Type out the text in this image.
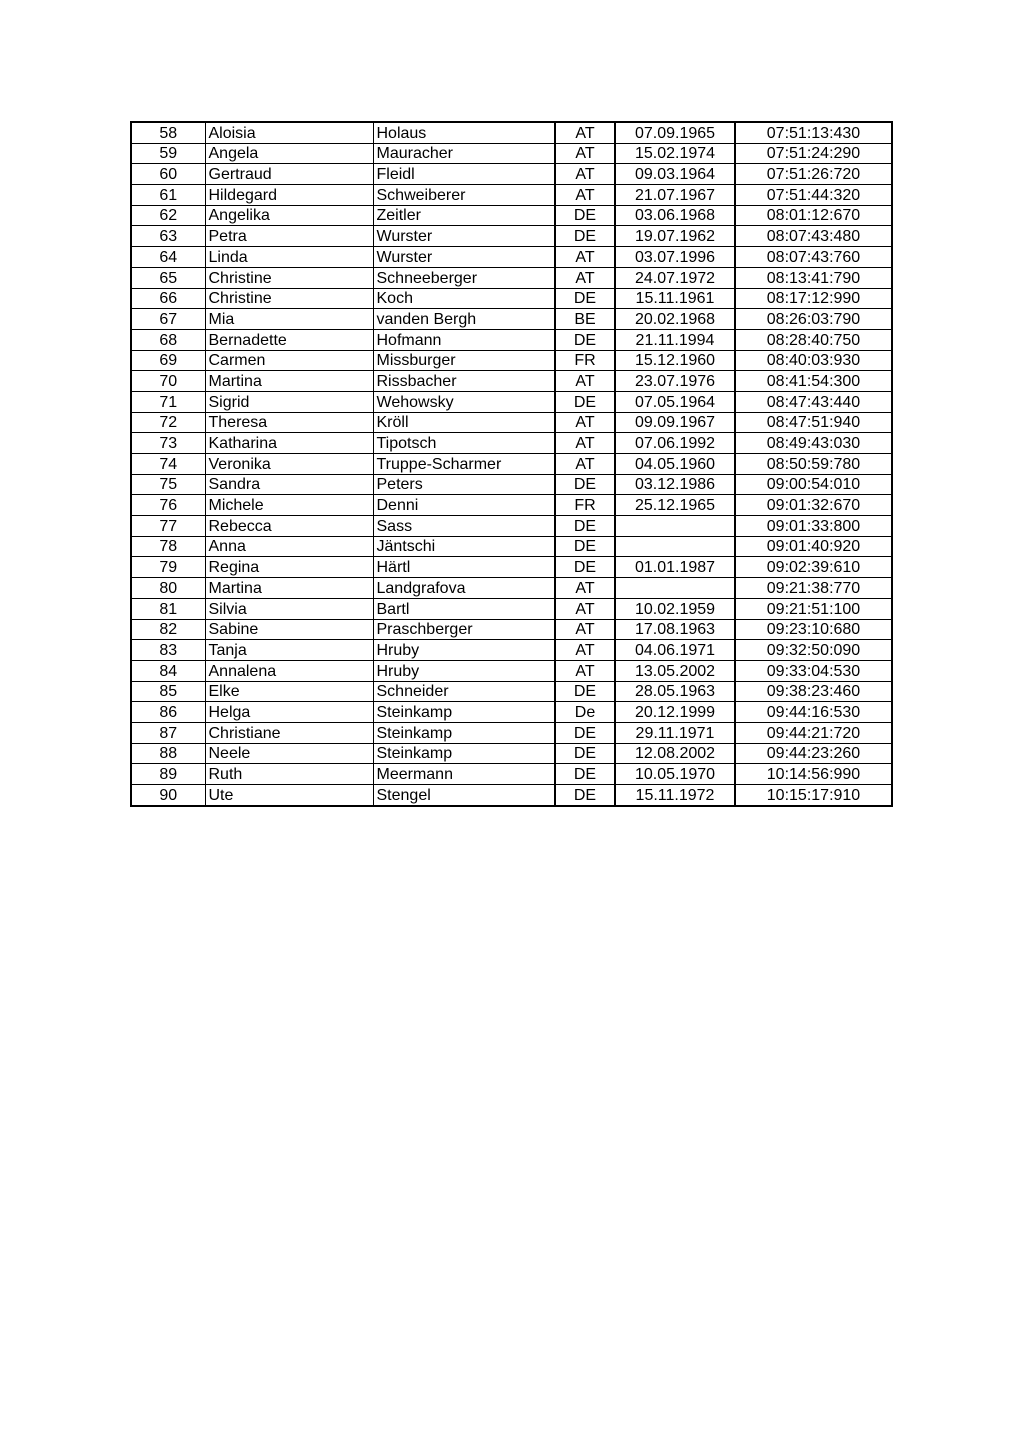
58	Aloisia	Holaus	AT	07.09.1965	07:51:13:430
59	Angela	Mauracher	AT	15.02.1974	07:51:24:290
60	Gertraud	Fleidl	AT	09.03.1964	07:51:26:720
61	Hildegard	Schweiberer	AT	21.07.1967	07:51:44:320
62	Angelika	Zeitler	DE	03.06.1968	08:01:12:670
63	Petra	Wurster	DE	19.07.1962	08:07:43:480
64	Linda	Wurster	AT	03.07.1996	08:07:43:760
65	Christine	Schneeberger	AT	24.07.1972	08:13:41:790
66	Christine	Koch	DE	15.11.1961	08:17:12:990
67	Mia	vanden Bergh	BE	20.02.1968	08:26:03:790
68	Bernadette	Hofmann	DE	21.11.1994	08:28:40:750
69	Carmen	Missburger	FR	15.12.1960	08:40:03:930
70	Martina	Rissbacher	AT	23.07.1976	08:41:54:300
71	Sigrid	Wehowsky	DE	07.05.1964	08:47:43:440
72	Theresa	Kröll	AT	09.09.1967	08:47:51:940
73	Katharina	Tipotsch	AT	07.06.1992	08:49:43:030
74	Veronika	Truppe-Scharmer	AT	04.05.1960	08:50:59:780
75	Sandra	Peters	DE	03.12.1986	09:00:54:010
76	Michele	Denni	FR	25.12.1965	09:01:32:670
77	Rebecca	Sass	DE		09:01:33:800
78	Anna	Jäntschi	DE		09:01:40:920
79	Regina	Härtl	DE	01.01.1987	09:02:39:610
80	Martina	Landgrafova	AT		09:21:38:770
81	Silvia	Bartl	AT	10.02.1959	09:21:51:100
82	Sabine	Praschberger	AT	17.08.1963	09:23:10:680
83	Tanja	Hruby	AT	04.06.1971	09:32:50:090
84	Annalena	Hruby	AT	13.05.2002	09:33:04:530
85	Elke	Schneider	DE	28.05.1963	09:38:23:460
86	Helga	Steinkamp	De	20.12.1999	09:44:16:530
87	Christiane	Steinkamp	DE	29.11.1971	09:44:21:720
88	Neele	Steinkamp	DE	12.08.2002	09:44:23:260
89	Ruth	Meermann	DE	10.05.1970	10:14:56:990
90	Ute	Stengel	DE	15.11.1972	10:15:17:910
